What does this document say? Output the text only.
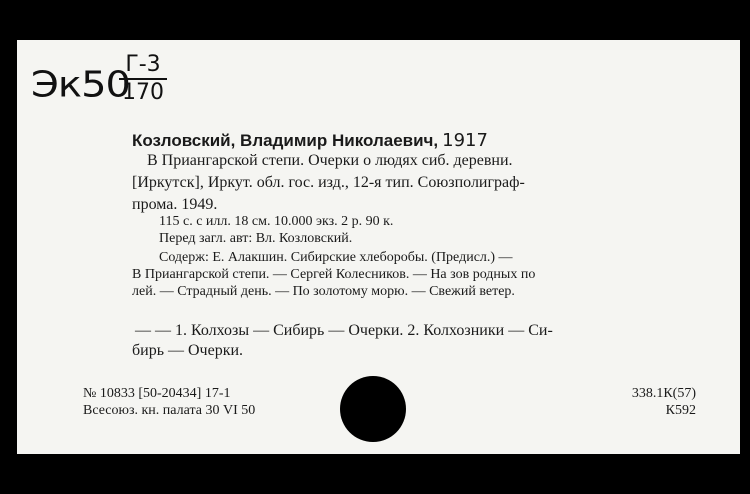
Эк50
Г-3
170
Козловский, Владимир Николаевич, 1917
В Приангарской степи. Очерки о людях сиб. деревни.
[Иркутск], Иркут. обл. гос. изд., 12-я тип. Союзполиграф-
прома. 1949.
115 с. с илл. 18 см. 10.000 экз. 2 р. 90 к.
Перед загл. авт: Вл. Козловский.
Содерж: Е. Алакшин. Сибирские хлеборобы. (Предисл.) —
В Приангарской степи. — Сергей Колесников. — На зов родных по
лей. — Страдный день. — По золотому морю. — Свежий ветер.
— — 1. Колхозы — Сибирь — Очерки. 2. Колхозники — Си-
бирь — Очерки.
№ 10833 [50-20434] 17-1
Всесоюз. кн. палата 30 VI 50
338.1К(57)
К592
